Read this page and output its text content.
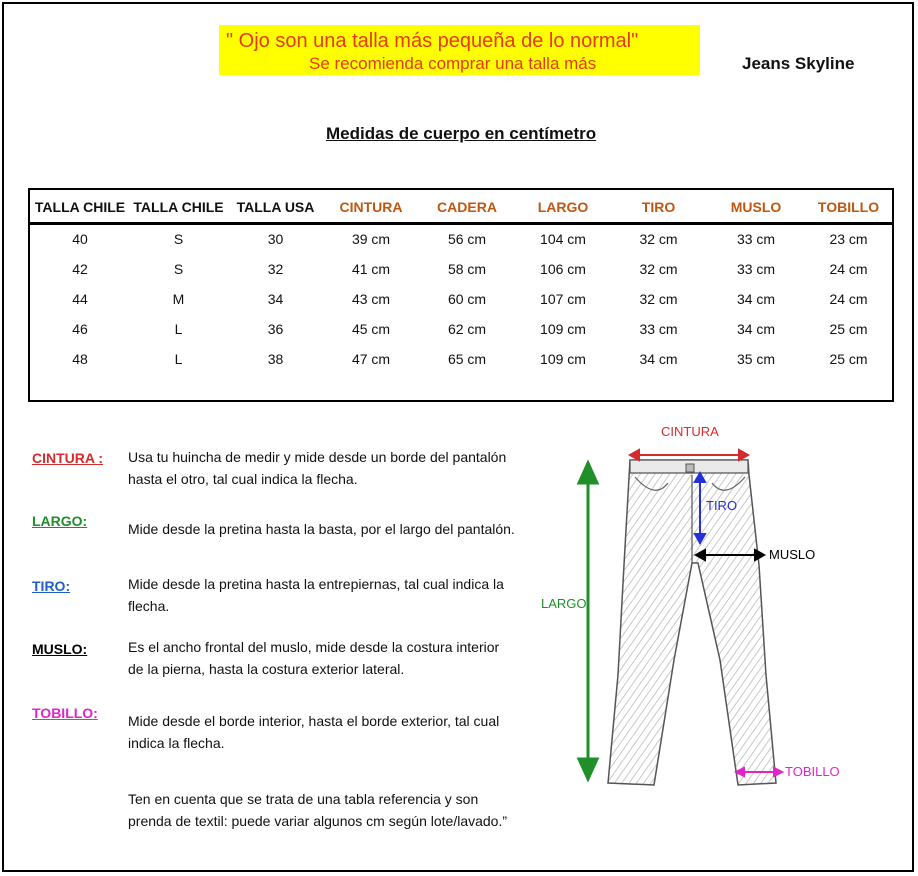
" Ojo son una talla más pequeña de lo normal"
Se recomienda comprar una talla más	Jeans Skyline
Medidas de cuerpo en centímetro
TALLA CHILE	TALLA CHILE	TALLA USA	CINTURA	CADERA	LARGO	TIRO	MUSLO	TOBILLO
40	S	30	39 cm	56 cm	104 cm	32 cm	33 cm	23 cm
42	S	32	41 cm	58 cm	106 cm	32 cm	33 cm	24 cm
44	M	34	43 cm	60 cm	107 cm	32 cm	34 cm	24 cm
46	L	36	45 cm	62 cm	109 cm	33 cm	34 cm	25 cm
48	L	38	47 cm	65 cm	109 cm	34 cm	35 cm	25 cm
CINTURA : Usa tu huincha de medir y mide desde un borde del pantalón hasta el otro, tal cual indica la flecha.
LARGO:	Mide desde la pretina hasta la basta, por el largo del pantalón.
TIRO:	Mide desde la pretina hasta la entrepiernas, tal cual indica la flecha.
MUSLO:	Es el ancho frontal del muslo, mide desde la costura interior de la pierna, hasta la costura exterior lateral.
TOBILLO: Mide desde el borde interior, hasta el borde exterior, tal cual indica la flecha.
Ten en cuenta que se trata de una tabla referencia y son prenda de textil: puede variar algunos cm según lote/lavado.”
CINTURA
TIRO
MUSLO
LARGO
TOBILLO
